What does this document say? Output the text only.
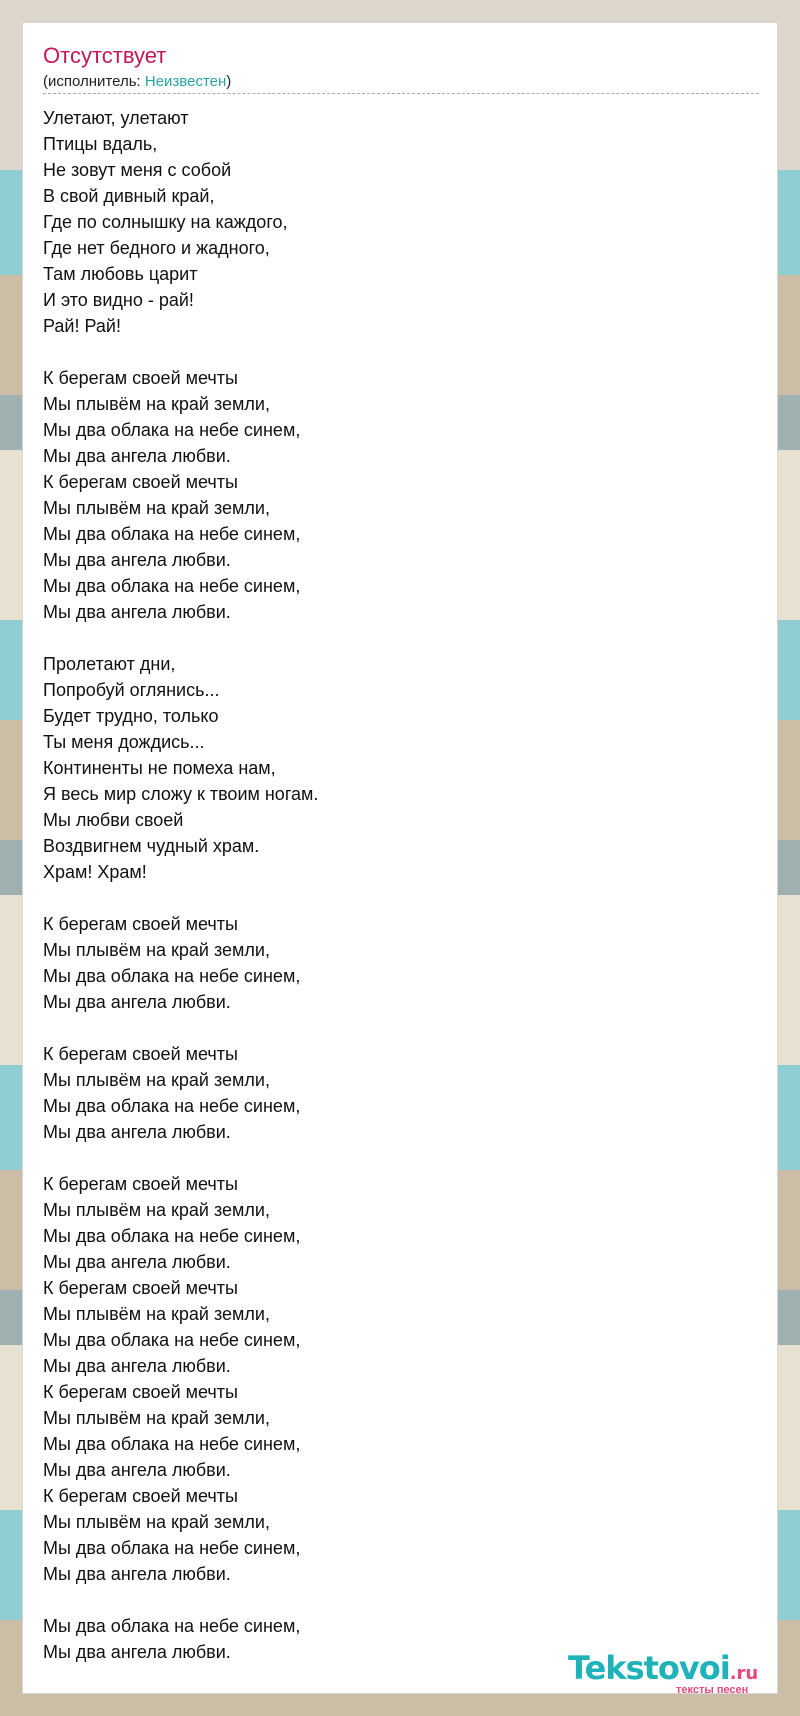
Отсутствует
(исполнитель: Неизвестен)
Улетают, улетают
Птицы вдаль,
Не зовут меня с собой
В свой дивный край,
Где по солнышку на каждого,
Где нет бедного и жадного,
Там любовь царит
И это видно - рай!
Рай! Рай!
К берегам своей мечты
Мы плывём на край земли,
Мы два облака на небе синем,
Мы два ангела любви.
К берегам своей мечты
Мы плывём на край земли,
Мы два облака на небе синем,
Мы два ангела любви.
Мы два облака на небе синем,
Мы два ангела любви.
Пролетают дни,
Попробуй оглянись...
Будет трудно, только
Ты меня дождись...
Континенты не помеха нам,
Я весь мир сложу к твоим ногам.
Мы любви своей
Воздвигнем чудный храм.
Храм! Храм!
К берегам своей мечты
Мы плывём на край земли,
Мы два облака на небе синем,
Мы два ангела любви.
К берегам своей мечты
Мы плывём на край земли,
Мы два облака на небе синем,
Мы два ангела любви.
К берегам своей мечты
Мы плывём на край земли,
Мы два облака на небе синем,
Мы два ангела любви.
К берегам своей мечты
Мы плывём на край земли,
Мы два облака на небе синем,
Мы два ангела любви.
К берегам своей мечты
Мы плывём на край земли,
Мы два облака на небе синем,
Мы два ангела любви.
К берегам своей мечты
Мы плывём на край земли,
Мы два облака на небе синем,
Мы два ангела любви.
Мы два облака на небе синем,
Мы два ангела любви.	Tekstovoi.ru
тексты песен
